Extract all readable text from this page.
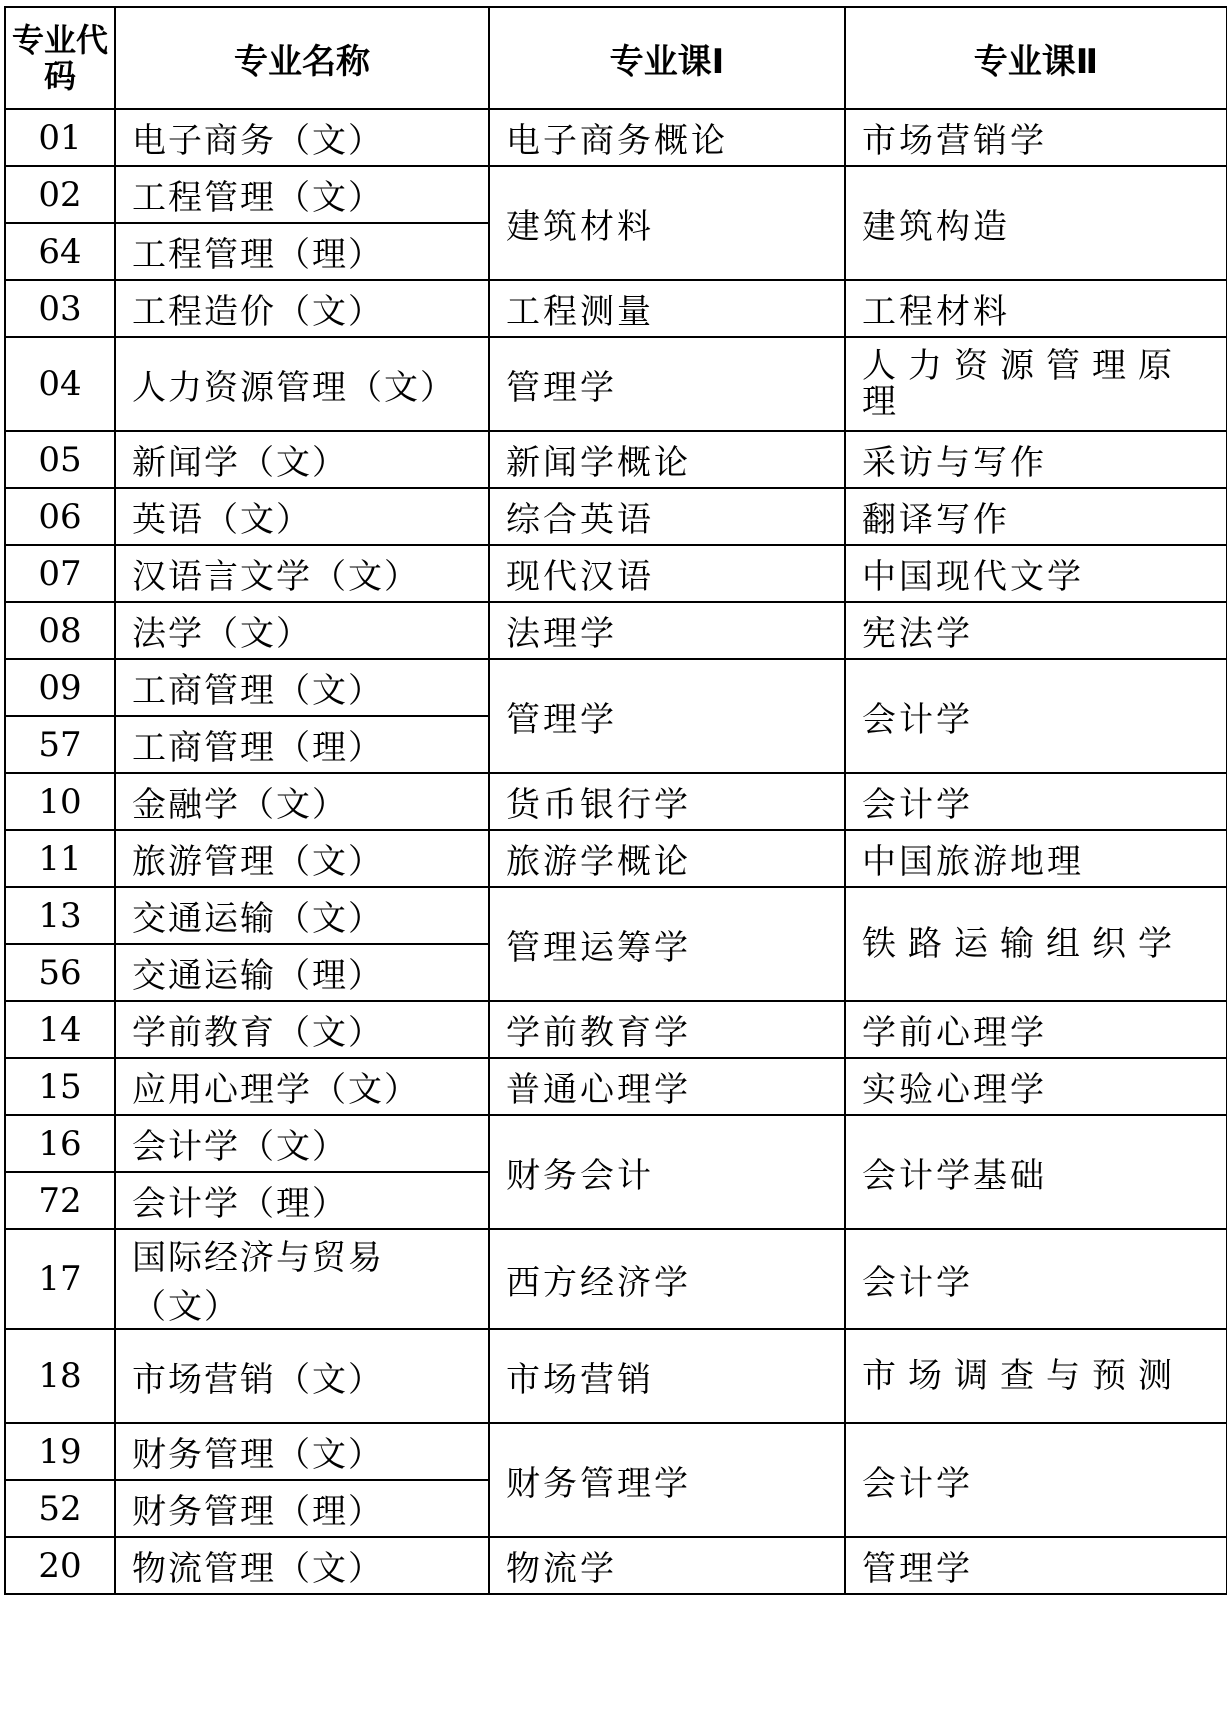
专业代码	专业名称	专业课Ⅰ	专业课Ⅱ
01	电子商务（文）	电子商务概论	市场营销学
02	工程管理（文）	建筑材料	建筑构造
64	工程管理（理）		
03	工程造价（文）	工程测量	工程材料
04	人力资源管理（文）	管理学	人力资源管理原理
05	新闻学（文）	新闻学概论	采访与写作
06	英语（文）	综合英语	翻译写作
07	汉语言文学（文）	现代汉语	中国现代文学
08	法学（文）	法理学	宪法学
09	工商管理（文）	管理学	会计学
57	工商管理（理）		
10	金融学（文）	货币银行学	会计学
11	旅游管理（文）	旅游学概论	中国旅游地理
13	交通运输（文）	管理运筹学	铁路运输组织学
56	交通运输（理）		
14	学前教育（文）	学前教育学	学前心理学
15	应用心理学（文）	普通心理学	实验心理学
16	会计学（文）	财务会计	会计学基础
72	会计学（理）		
17	国际经济与贸易（文）	西方经济学	会计学
18	市场营销（文）	市场营销	市场调查与预测
19	财务管理（文）	财务管理学	会计学
52	财务管理（理）		
20	物流管理（文）	物流学	管理学
